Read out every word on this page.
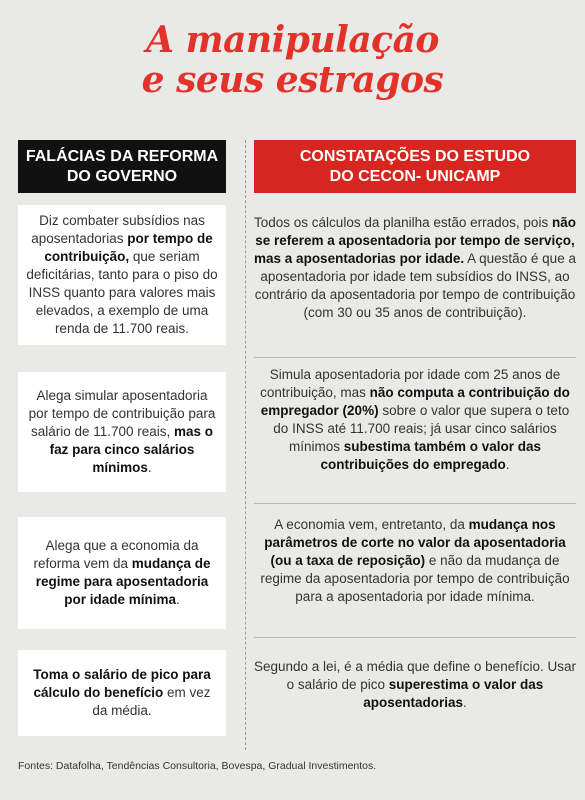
A manipulação
e seus estragos
FALÁCIAS DA REFORMA
DO GOVERNO
CONSTATAÇÕES DO ESTUDO
DO CECON- UNICAMP
Diz combater subsídios nas aposentadorias por tempo de contribuição, que seriam deficitárias, tanto para o piso do INSS quanto para valores mais elevados, a exemplo de uma renda de 11.700 reais.
Todos os cálculos da planilha estão errados, pois não se referem a aposentadoria por tempo de serviço, mas a aposentadorias por idade. A questão é que a aposentadoria por idade tem subsídios do INSS, ao contrário da aposentadoria por tempo de contribuição (com 30 ou 35 anos de contribuição).
Alega simular aposentadoria por tempo de contribuição para salário de 11.700 reais, mas o faz para cinco salários mínimos.
Simula aposentadoria por idade com 25 anos de contribuição, mas não computa a contribuição do empregador (20%) sobre o valor que supera o teto do INSS até 11.700 reais; já usar cinco salários mínimos subestima também o valor das contribuições do empregado.
Alega que a economia da reforma vem da mudança de regime para aposentadoria por idade mínima.
A economia vem, entretanto, da mudança nos parâmetros de corte no valor da aposentadoria (ou a taxa de reposição) e não da mudança de regime da aposentadoria por tempo de contribuição para a aposentadoria por idade mínima.
Toma o salário de pico para cálculo do benefício em vez da média.
Segundo a lei, é a média que define o benefício. Usar o salário de pico superestima o valor das aposentadorias.
Fontes: Datafolha, Tendências Consultoria, Bovespa, Gradual Investimentos.
